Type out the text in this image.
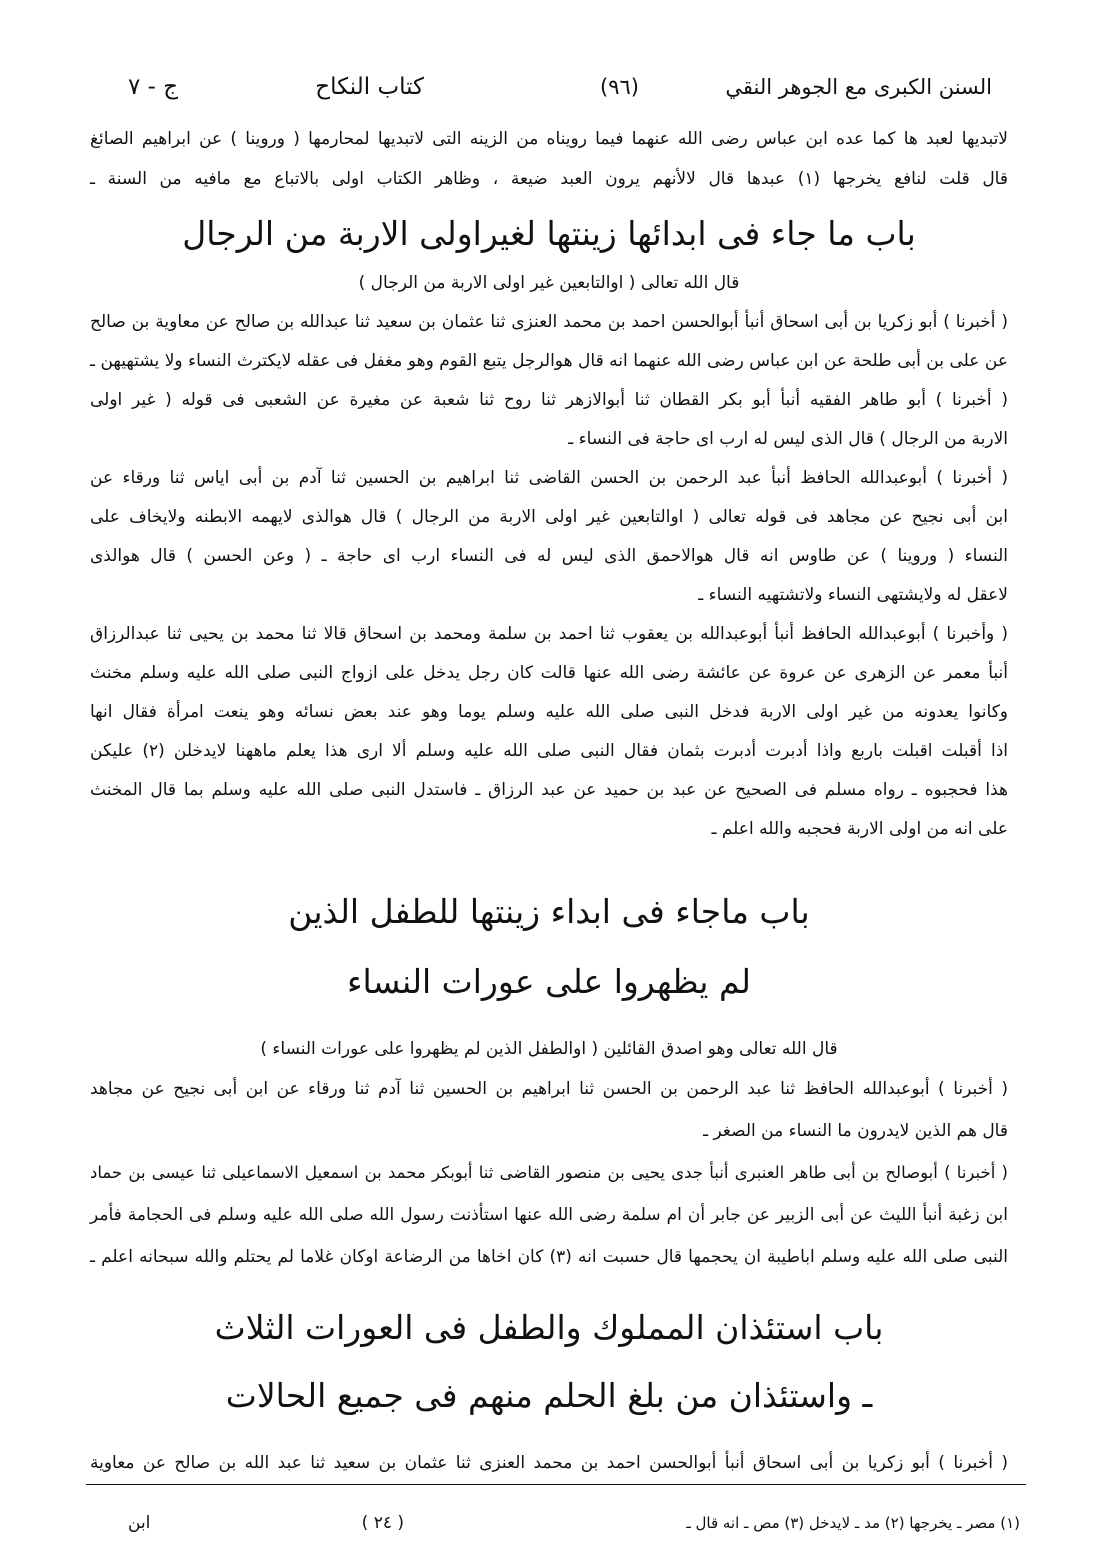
السنن الكبرى مع الجوهر النقي
(٩٦)
كتاب النكاح
ج - ٧
لاتبديها لعبد ها كما عده ابن عباس رضی الله عنهما فیما رويناه من الزينه التى لاتبديها لمحارمها ( وروينا ) عن ابراهيم الصائغ
قال قلت لنافع يخرجها (١) عبدها قال لالأنهم يرون العبد ضيعة ، وظاهر الكتاب اولى بالاتباع مع مافيه من السنة ـ
باب ما جاء فى ابدائها زينتها لغيراولى الاربة من الرجال
قال الله تعالى ( اوالتابعين غير اولى الاربة من الرجال )
( أخبرنا ) أبو زكريا بن أبی اسحاق أنبأ أبوالحسن احمد بن محمد العنزی ثنا عثمان بن سعيد ثنا عبدالله بن صالح عن معاوية بن صالح
عن علی بن أبی طلحة عن ابن عباس رضی الله عنهما انه قال هوالرجل يتبع القوم وهو مغفل فی عقله لايكترث النساء ولا يشتهيهن ـ
( أخبرنا ) أبو طاهر الفقيه أنبأ أبو بكر القطان ثنا أبوالازهر ثنا روح ثنا شعبة عن مغيرة عن الشعبی فی قوله ( غير اولی
الاربة من الرجال ) قال الذی ليس له ارب ای حاجة فی النساء ـ
( أخبرنا ) أبوعبدالله الحافظ أنبأ عبد الرحمن بن الحسن القاضی ثنا ابراهيم بن الحسين ثنا آدم بن أبی اياس ثنا ورقاء عن
ابن أبی نجيح عن مجاهد فی قوله تعالى ( اوالتابعين غير اولی الاربة من الرجال ) قال هوالذی لايهمه الابطنه ولايخاف على
النساء ( وروينا ) عن طاوس انه قال هوالاحمق الذی ليس له فی النساء ارب ای حاجة ـ ( وعن الحسن ) قال هوالذی
لاعقل له ولايشتهی النساء ولاتشتهيه النساء ـ
( وأخبرنا ) أبوعبدالله الحافظ أنبأ أبوعبدالله بن يعقوب ثنا احمد بن سلمة ومحمد بن اسحاق قالا ثنا محمد بن يحيى ثنا عبدالرزاق
أنبأ معمر عن الزهری عن عروة عن عائشة رضی الله عنها قالت كان رجل يدخل على ازواج النبی صلی الله عليه وسلم مخنث
وكانوا يعدونه من غير اولی الاربة فدخل النبی صلی الله عليه وسلم يوما وهو عند بعض نسائه وهو ينعت امرأة فقال انها
اذا أقبلت اقبلت باربع واذا أدبرت أدبرت بثمان فقال النبی صلی الله عليه وسلم ألا ارى هذا يعلم ماههنا لايدخلن (٢) عليكن
هذا فحجبوه ـ رواه مسلم فی الصحيح عن عبد بن حميد عن عبد الرزاق ـ فاستدل النبی صلی الله عليه وسلم بما قال المخنث
على انه من اولی الاربة فحجبه والله اعلم ـ
باب ماجاء فى ابداء زينتها للطفل الذين
لم يظهروا على عورات النساء
قال الله تعالى وهو اصدق القائلين ( اوالطفل الذين لم يظهروا على عورات النساء )
( أخبرنا ) أبوعبدالله الحافظ ثنا عبد الرحمن بن الحسن ثنا ابراهيم بن الحسين ثنا آدم ثنا ورقاء عن ابن أبی نجيح عن مجاهد
قال هم الذين لايدرون ما النساء من الصغر ـ
( أخبرنا ) أبوصالح بن أبی طاهر العنبری أنبأ جدی يحيى بن منصور القاضی ثنا أبوبكر محمد بن اسمعيل الاسماعيلی ثنا عيسى بن حماد
ابن زغبة أنبأ الليث عن أبی الزبير عن جابر أن ام سلمة رضی الله عنها استأذنت رسول الله صلی الله عليه وسلم فی الحجامة فأمر
النبی صلی الله عليه وسلم اباطيبة ان يحجمها قال حسبت انه (٣) كان اخاها من الرضاعة اوكان غلاما لم يحتلم والله سبحانه اعلم ـ
باب استئذان المملوك والطفل فى العورات الثلاث
ـ واستئذان من بلغ الحلم منهم فى جميع الحالات
( أخبرنا ) أبو زكريا بن أبی اسحاق أنبأ أبوالحسن احمد بن محمد العنزی ثنا عثمان بن سعيد ثنا عبد الله بن صالح عن معاوية
(١) مصر ـ يخرجها (٢) مد ـ لايدخل (٣) مص ـ انه قال ـ
( ٢٤ )
ابن
